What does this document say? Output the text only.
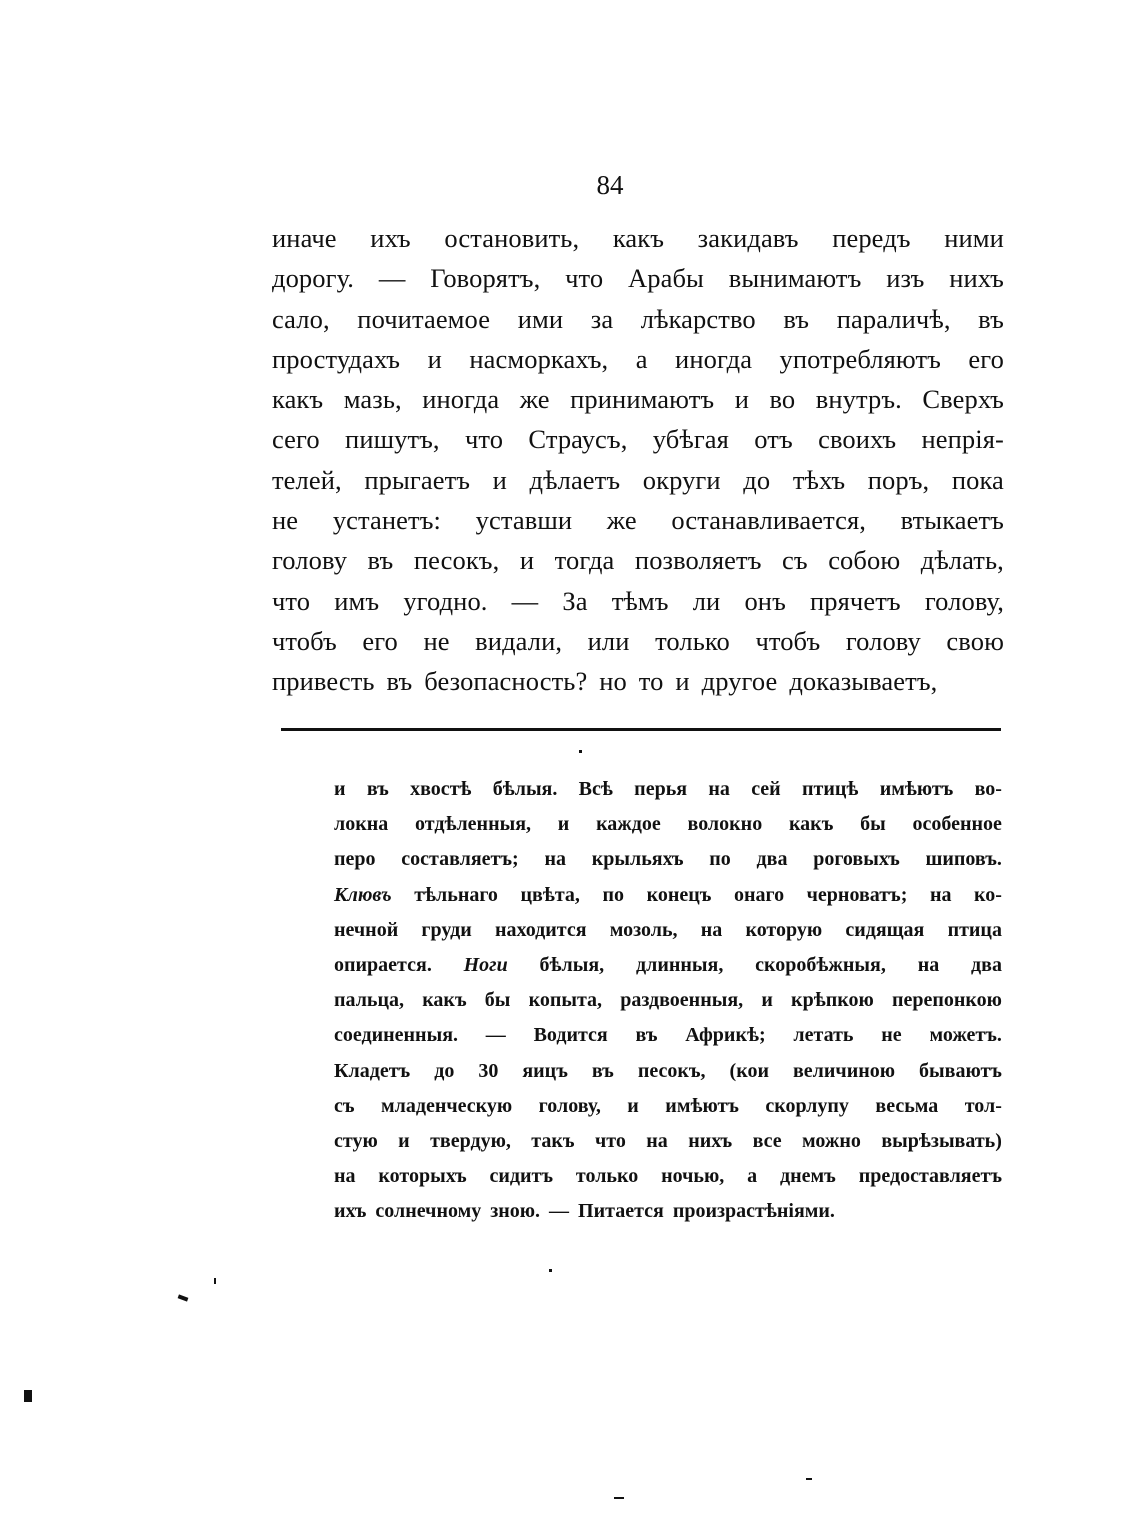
84
иначе ихъ остановить, какъ закидавъ передъ ними
дорогу. — Говорятъ, что Арабы вынимаютъ изъ нихъ
сало, почитаемое ими за лѣкарство въ параличѣ, въ
простудахъ и насморкахъ, а иногда употребляютъ его
какъ мазь, иногда же принимаютъ и во внутръ. Сверхъ
сего пишутъ, что Страусъ, убѣгая отъ своихъ непрія-
телей, прыгаетъ и дѣлаетъ округи до тѣхъ поръ, пока
не устанетъ: уставши же останавливается, втыкаетъ
голову въ песокъ, и тогда позволяетъ съ собою дѣлать,
что имъ угодно. — За тѣмъ ли онъ прячетъ голову,
чтобъ его не видали, или только чтобъ голову свою
привесть въ безопасность? но то и другое доказываетъ,
и въ хвостѣ бѣлыя. Всѣ перья на сей птицѣ имѣютъ во-
локна отдѣленныя, и каждое волокно какъ бы особенное
перо составляетъ; на крыльяхъ по два роговыхъ шиповъ.
Клювъ тѣльнаго цвѣта, по конецъ онаго черноватъ; на ко-
нечной груди находится мозоль, на которую сидящая птица
опирается. Ноги бѣлыя, длинныя, скоробѣжныя, на два
пальца, какъ бы копыта, раздвоенныя, и крѣпкою перепонкою
соединенныя. — Водится въ Африкѣ; летать не можетъ.
Кладетъ до 30 яицъ въ песокъ, (кои величиною бываютъ
съ младенческую голову, и имѣютъ скорлупу весьма тол-
стую и твердую, такъ что на нихъ все можно вырѣзывать)
на которыхъ сидитъ только ночью, а днемъ предоставляетъ
ихъ солнечному зною. — Питается произрастѣніями.
